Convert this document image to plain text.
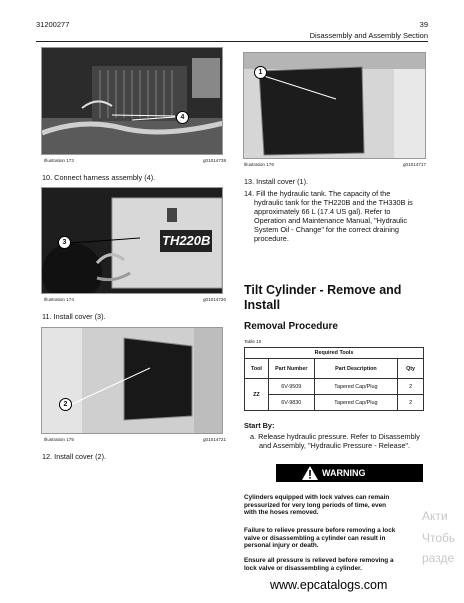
31200277	39
Disassembly and Assembly Section
4
Illustration 173	g01014738
10. Connect harness assembly (4).
TH220B
3
Illustration 174	g01014720
11. Install cover (3).
2
Illustration 175	g01014721
12. Install cover (2).
1
Illustration 176	g01014717
13. Install cover (1).
14. Fill the hydraulic tank. The capacity of the
hydraulic tank for the TH220B and the TH330B is
approximately 66 L (17.4 US gal). Refer to
Operation and Maintenance Manual, "Hydraulic
System Oil - Change" for the correct draining
procedure.
Tilt Cylinder - Remove and
Install
Removal Procedure
Table 10
Required Tools			
Tool	Part Number	Part Description	Qty
ZZ	6V-9509	Tapered Cap/Plug	2
	6V-9830	Tapered Cap/Plug	2
Start By:
a. Release hydraulic pressure. Refer to Disassembly
and Assembly, "Hydraulic Pressure - Release".
WARNING
Cylinders equipped with lock valves can remain
pressurized for very long periods of time, even
with the hoses removed.
Failure to relieve pressure before removing a lock
valve or disassembling a cylinder can result in
personal injury or death.
Ensure all pressure is relieved before removing a
lock valve or disassembling a cylinder.
Акти
Чтобь
разде
www.epcatalogs.com
